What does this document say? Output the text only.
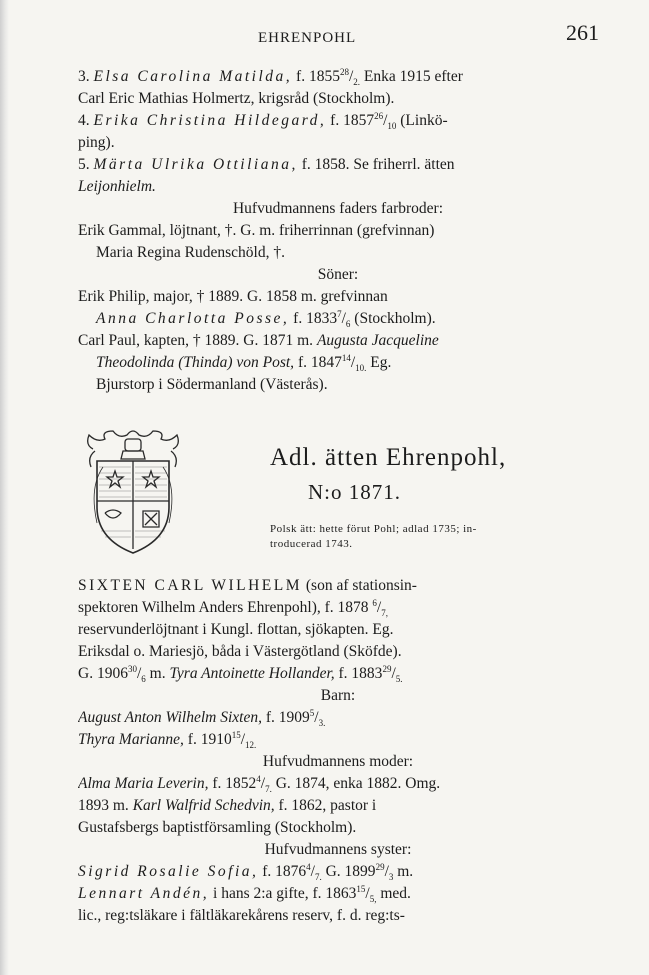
EHRENPOHL	261
3. Elsa Carolina Matilda, f. $1855^{28}/_{2.}$ Enka 1915 efter
Carl Eric Mathias Holmertz, krigsråd (Stockholm).
4. Erika Christina Hildegard, f. $1857^{26}/_{10}$ (Linkö-
ping).
5. Märta Ulrika Ottiliana, f. 1858. Se friherrl. ätten
Leijonhielm.
Hufvudmannens faders farbroder:
Erik Gammal, löjtnant, †. G. m. friherrinnan (grefvinnan)
Maria Regina Rudenschöld, †.
Söner:
Erik Philip, major, † 1889. G. 1858 m. grefvinnan
Anna Charlotta Posse, f. $1833^7/_6$ (Stockholm).
Carl Paul, kapten, † 1889. G. 1871 m. Augusta Jacqueline
Theodolinda (Thinda) von Post, f. $1847^{14}/_{10.}$ Eg.
Bjurstorp i Södermanland (Västerås).
Adl. ätten Ehrenpohl,
N:o 1871.
Polsk ätt: hette förut Pohl; adlad 1735; in-
troducerad 1743.
SIXTEN CARL WILHELM (son af stationsin-
spektoren Wilhelm Anders Ehrenpohl), f. 1878 $^6/_{7,}$
reservunderlöjtnant i Kungl. flottan, sjökapten. Eg.
Eriksdal o. Mariesjö, båda i Västergötland (Sköfde).
G. $1906^{30}/_6$ m. Tyra Antoinette Hollander, f. $1883^{29}/_{5.}$
Barn:
August Anton Wilhelm Sixten, f. $1909^5/_{3.}$
Thyra Marianne, f. $1910^{15}/_{12.}$
Hufvudmannens moder:
Alma Maria Leverin, f. $1852^4/_{7.}$ G. 1874, enka 1882. Omg.
1893 m. Karl Walfrid Schedvin, f. 1862, pastor i
Gustafsbergs baptistförsamling (Stockholm).
Hufvudmannens syster:
Sigrid Rosalie Sofia, f. $1876^4/_{7.}$ G. $1899^{29}/_3$ m.
Lennart Andén, i hans 2:a gifte, f. $1863^{15}/_{5,}$ med.
lic., reg:tsläkare i fältläkarekårens reserv, f. d. reg:ts-
